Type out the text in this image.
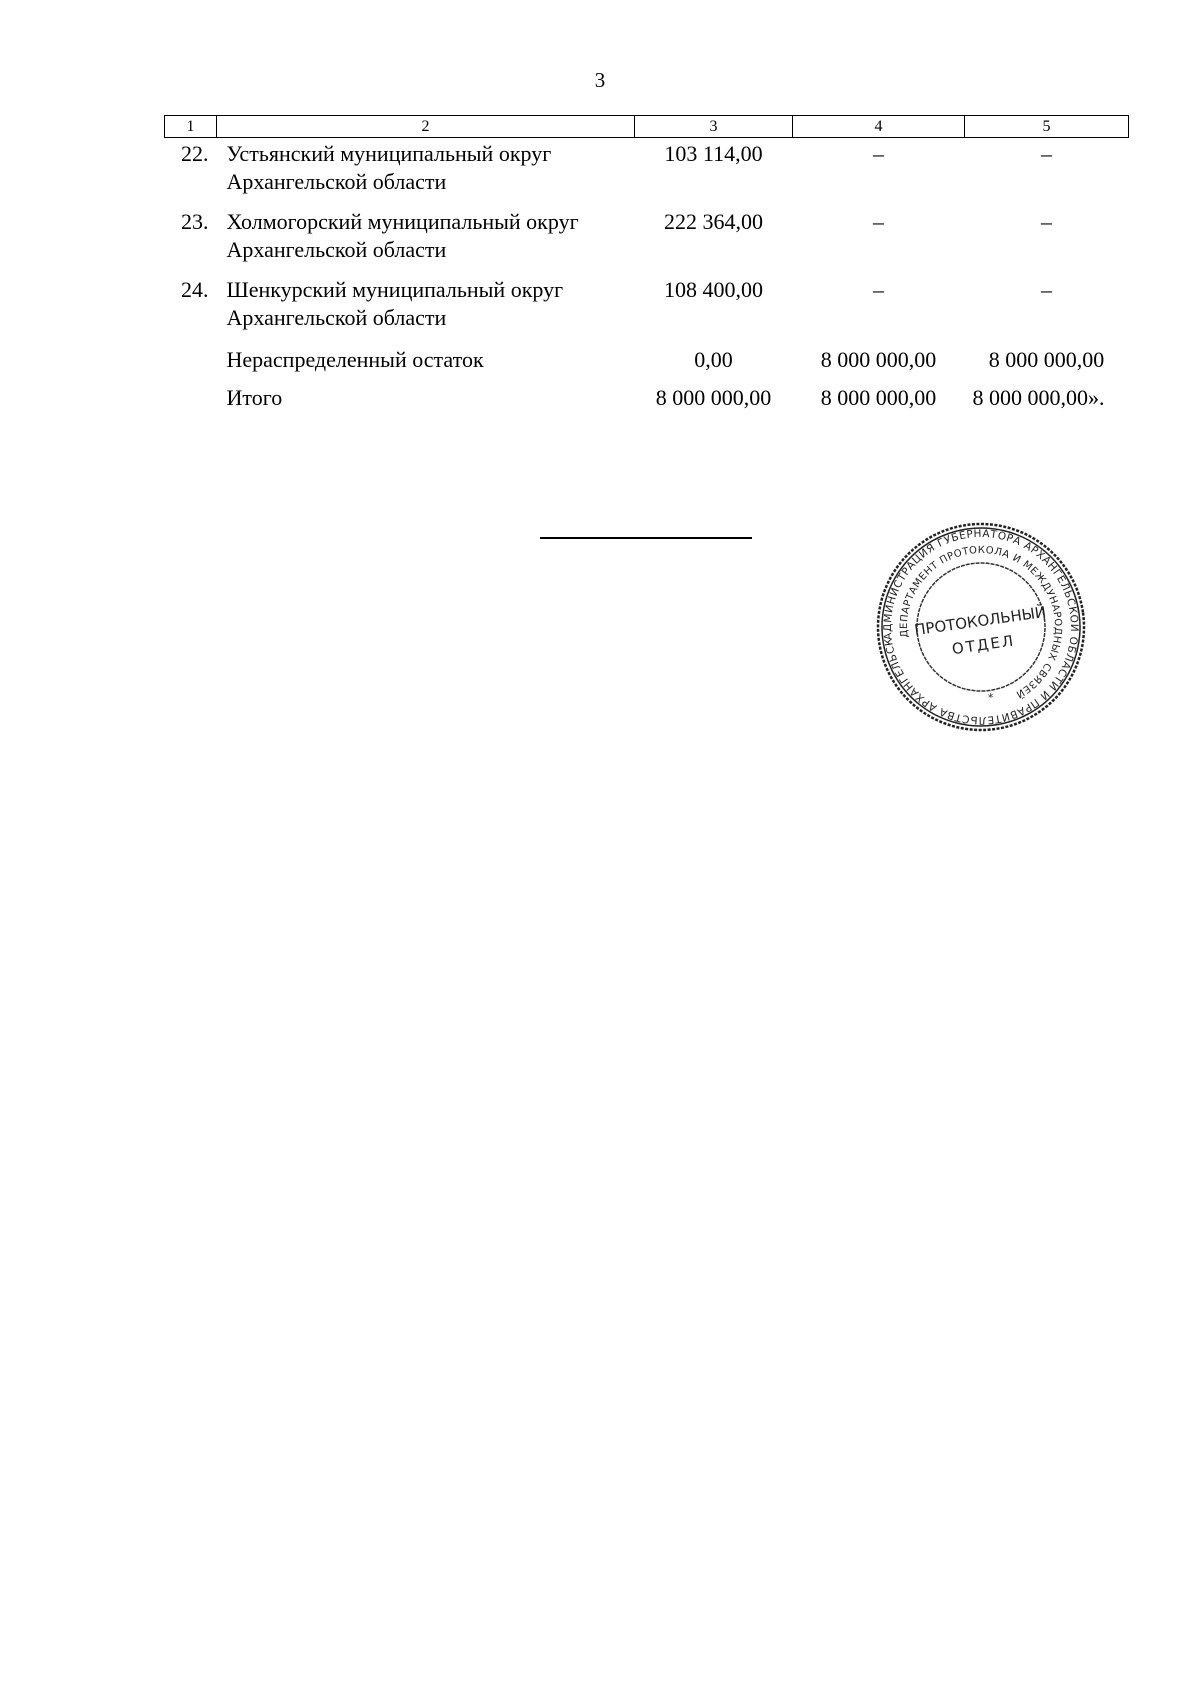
3
1	2	3	4	5
22.	Устьянский муниципальный округ
Архангельской области	103 114,00	–	–
23.	Холмогорский муниципальный округ
Архангельской области	222 364,00	–	–
24.	Шенкурский муниципальный округ
Архангельской области	108 400,00	–	–
	Нераспределенный остаток	0,00	8 000 000,00	8 000 000,00
	Итого	8 000 000,00	8 000 000,00	8 000 000,00».
АДМИНИСТРАЦИЯ ГУБЕРНАТОРА АРХАНГЕЛЬСКОЙ ОБЛАСТИ И ПРАВИТЕЛЬСТВА АРХАНГЕЛЬСКОЙ
ДЕПАРТАМЕНТ ПРОТОКОЛА И МЕЖДУНАРОДНЫХ СВЯЗЕЙ
ПРОТОКОЛЬНЫЙ
ОТДЕЛ
*
